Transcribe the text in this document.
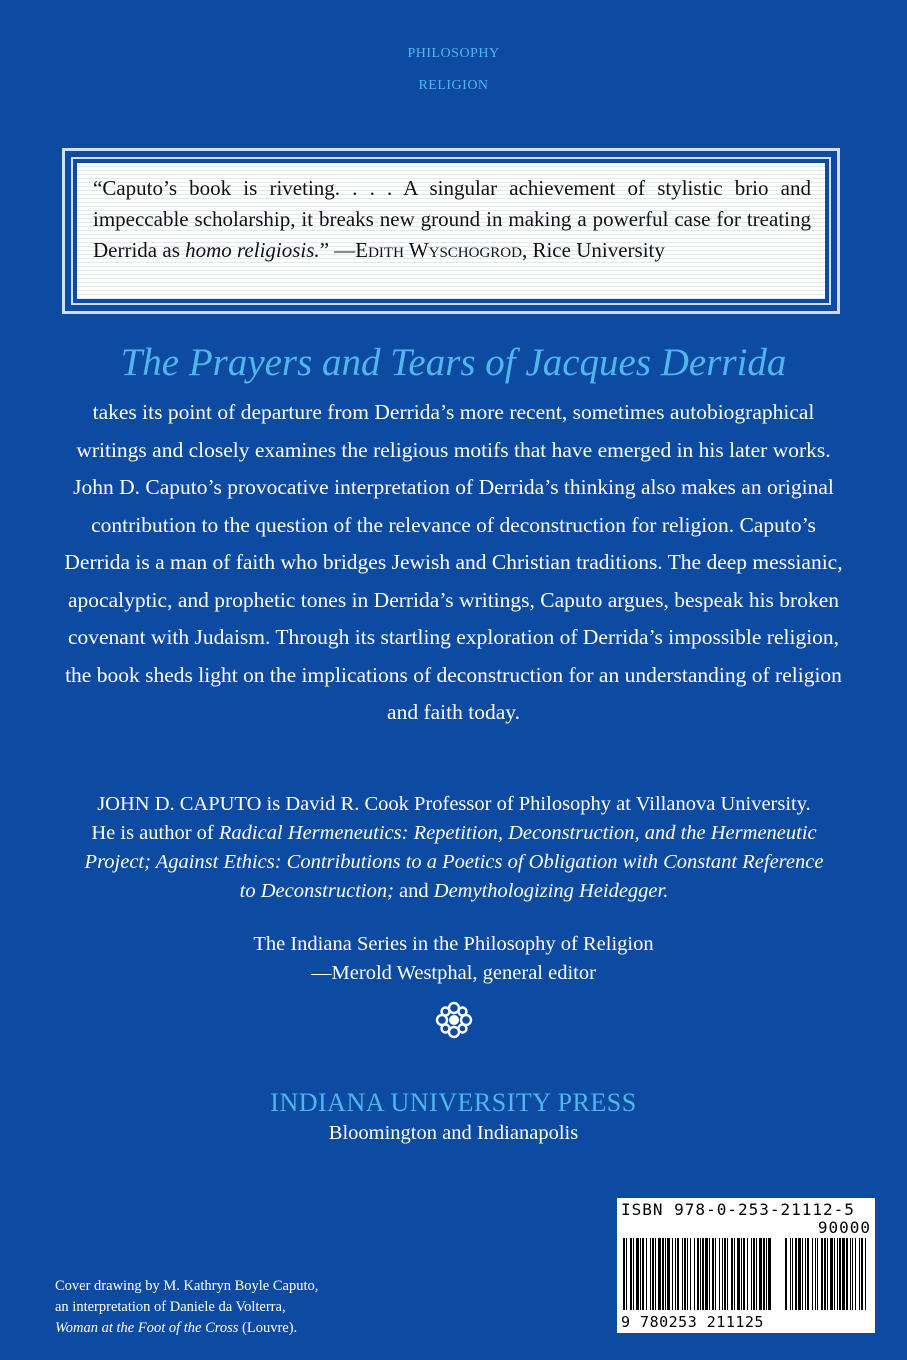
PHILOSOPHY
RELIGION
“Caputo’s book is riveting. . . . A singular achievement of stylistic brio and impeccable scholarship, it breaks new ground in making a powerful case for treating Derrida as homo religiosis.” —Edith Wyschogrod, Rice University
The Prayers and Tears of Jacques Derrida
takes its point of departure from Derrida’s more recent, sometimes autobiographical writings and closely examines the religious motifs that have emerged in his later works. John D. Caputo’s provocative interpretation of Derrida’s thinking also makes an original contribution to the question of the relevance of deconstruction for religion. Caputo’s Derrida is a man of faith who bridges Jewish and Christian traditions. The deep messianic, apocalyptic, and prophetic tones in Derrida’s writings, Caputo argues, bespeak his broken covenant with Judaism. Through its startling exploration of Derrida’s impossible religion, the book sheds light on the implications of deconstruction for an understanding of religion and faith today.
JOHN D. CAPUTO is David R. Cook Professor of Philosophy at Villanova University. He is author of Radical Hermeneutics: Repetition, Deconstruction, and the Hermeneutic Project; Against Ethics: Contributions to a Poetics of Obligation with Constant Reference to Deconstruction; and Demythologizing Heidegger.
The Indiana Series in the Philosophy of Religion
—Merold Westphal, general editor
INDIANA UNIVERSITY PRESS
Bloomington and Indianapolis
Cover drawing by M. Kathryn Boyle Caputo,
an interpretation of Daniele da Volterra,
Woman at the Foot of the Cross (Louvre).
ISBN 978-0-253-21112-5
90000
9 780253 211125
